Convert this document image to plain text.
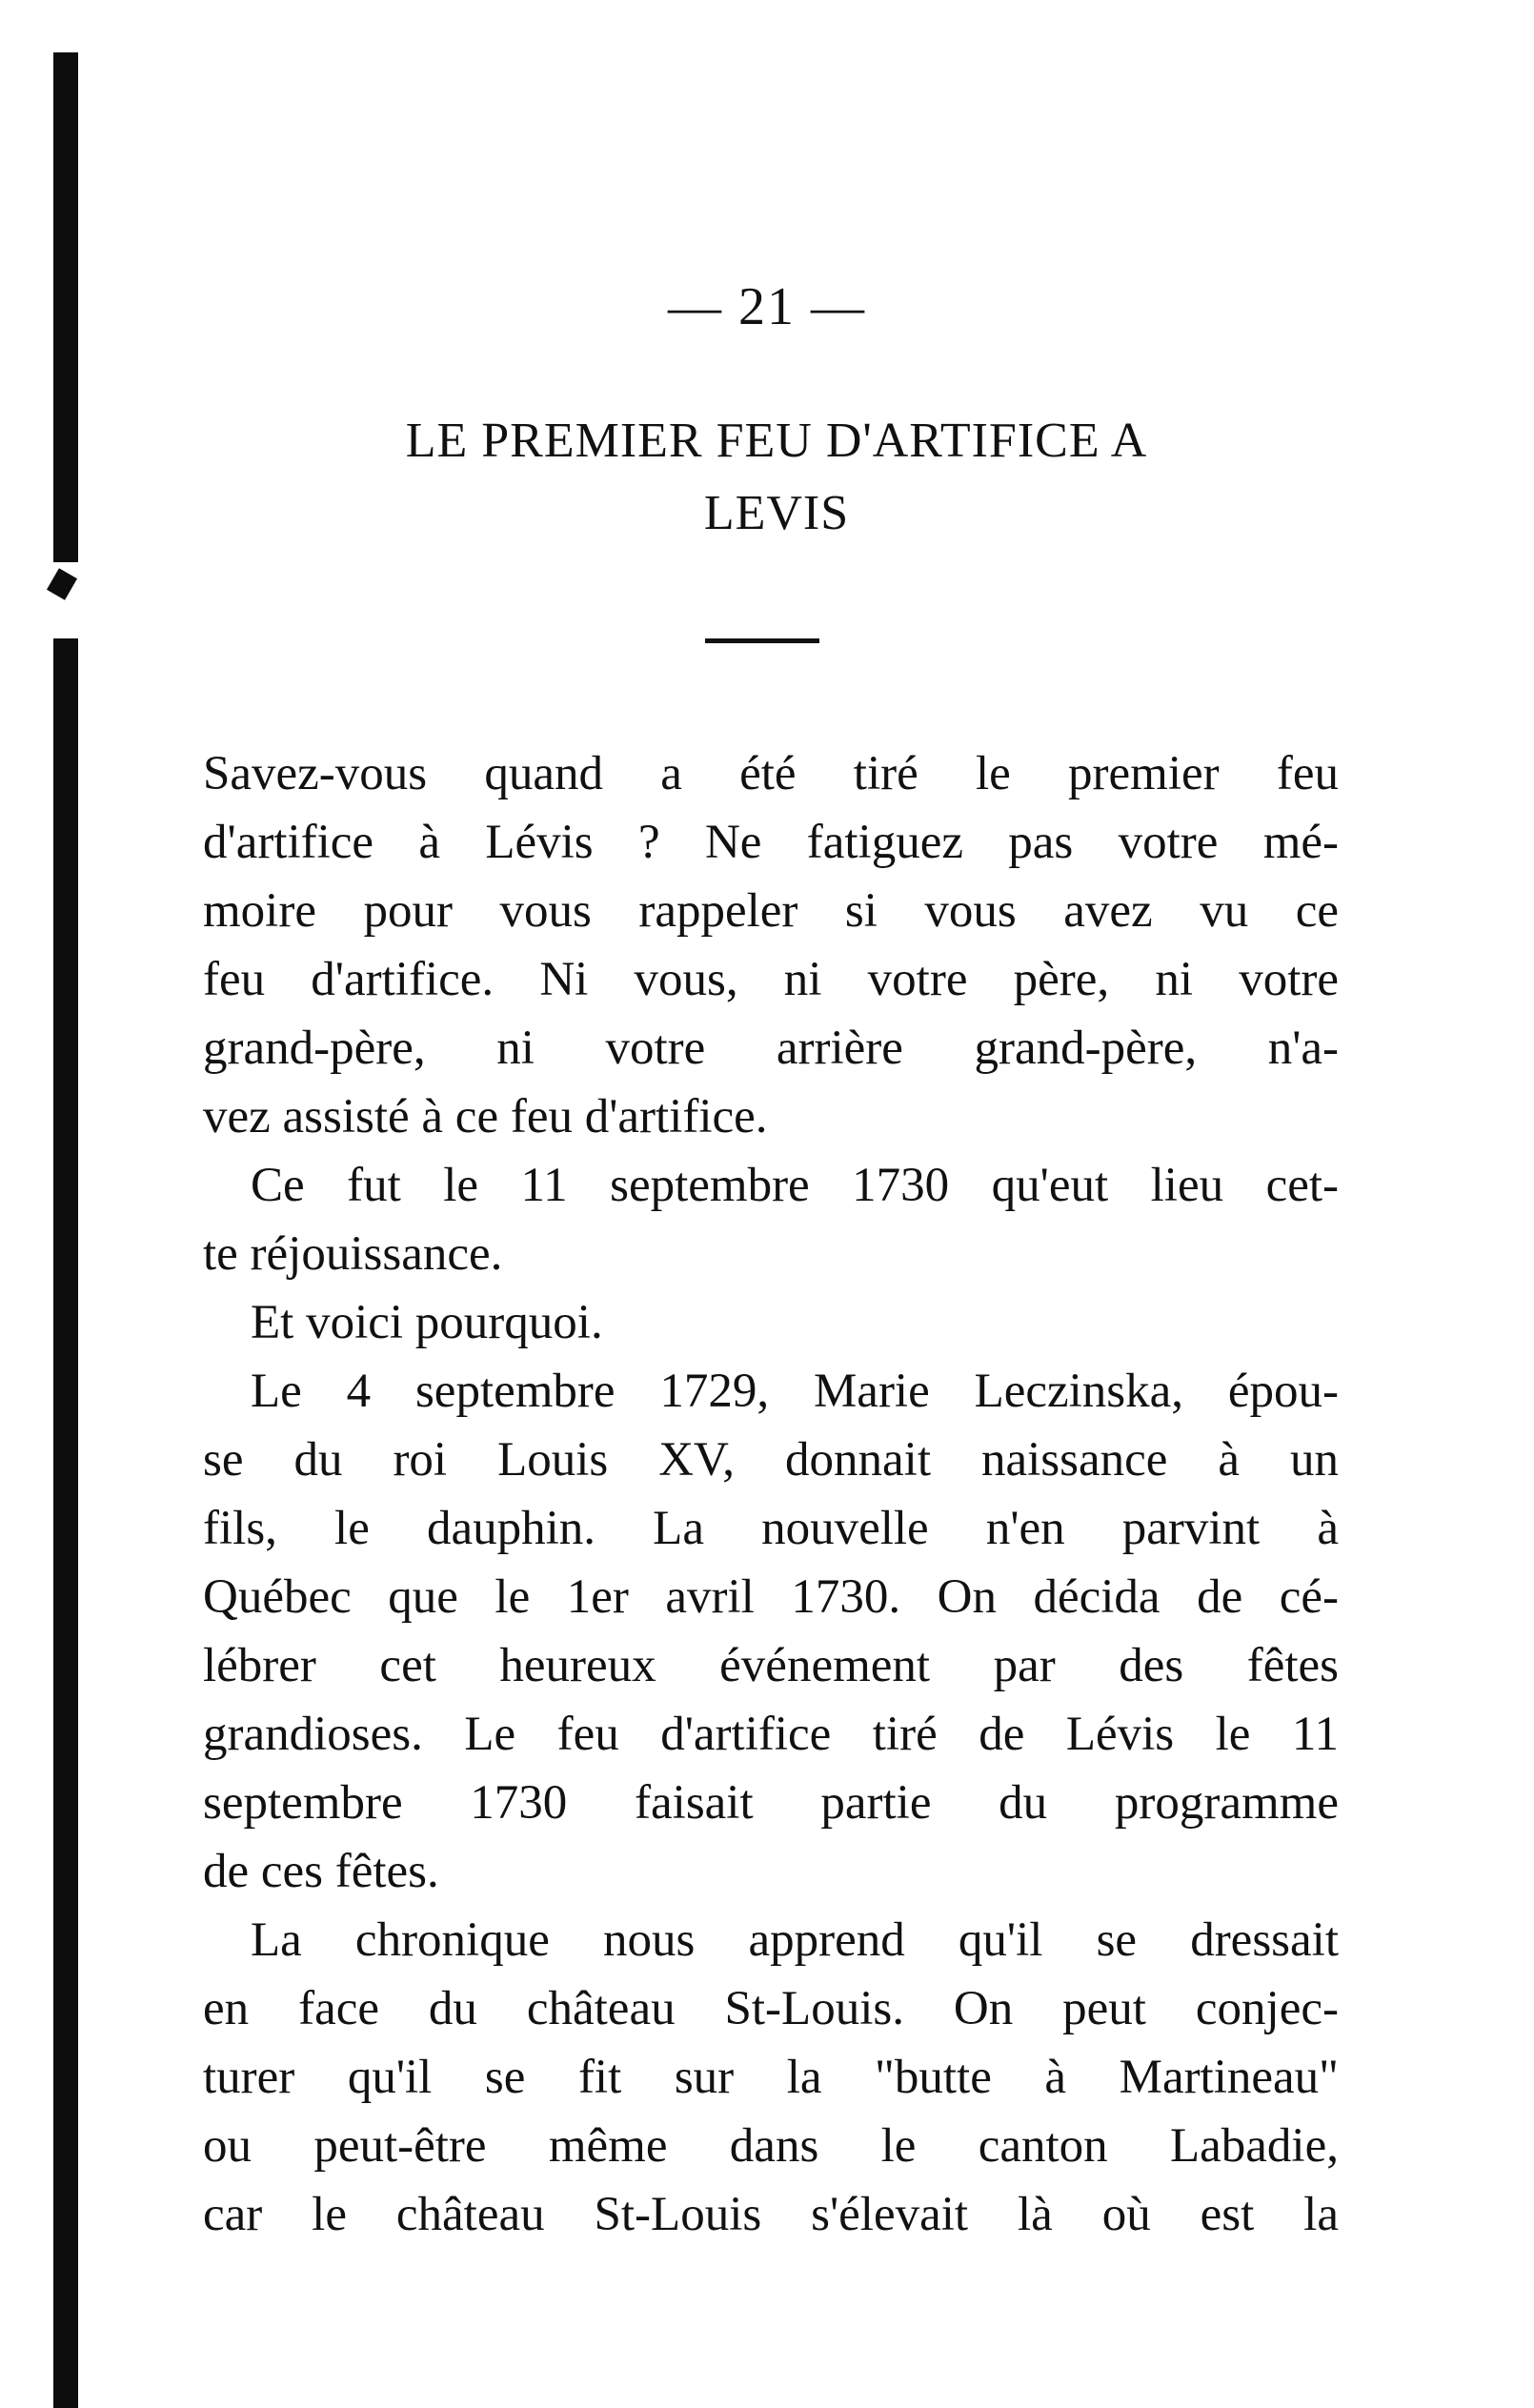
— 21 —
LE PREMIER FEU D'ARTIFICE A
LEVIS
Savez-vous quand a été tiré le premier feu
d'artifice à Lévis ? Ne fatiguez pas votre mé-
moire pour vous rappeler si vous avez vu ce
feu d'artifice. Ni vous, ni votre père, ni votre
grand-père, ni votre arrière grand-père, n'a-
vez assisté à ce feu d'artifice.
Ce fut le 11 septembre 1730 qu'eut lieu cet-
te réjouissance.
Et voici pourquoi.
Le 4 septembre 1729, Marie Leczinska, épou-
se du roi Louis XV, donnait naissance à un
fils, le dauphin. La nouvelle n'en parvint à
Québec que le 1er avril 1730. On décida de cé-
lébrer cet heureux événement par des fêtes
grandioses. Le feu d'artifice tiré de Lévis le 11
septembre 1730 faisait partie du programme
de ces fêtes.
La chronique nous apprend qu'il se dressait
en face du château St-Louis. On peut conjec-
turer qu'il se fit sur la "butte à Martineau"
ou peut-être même dans le canton Labadie,
car le château St-Louis s'élevait là où est la
